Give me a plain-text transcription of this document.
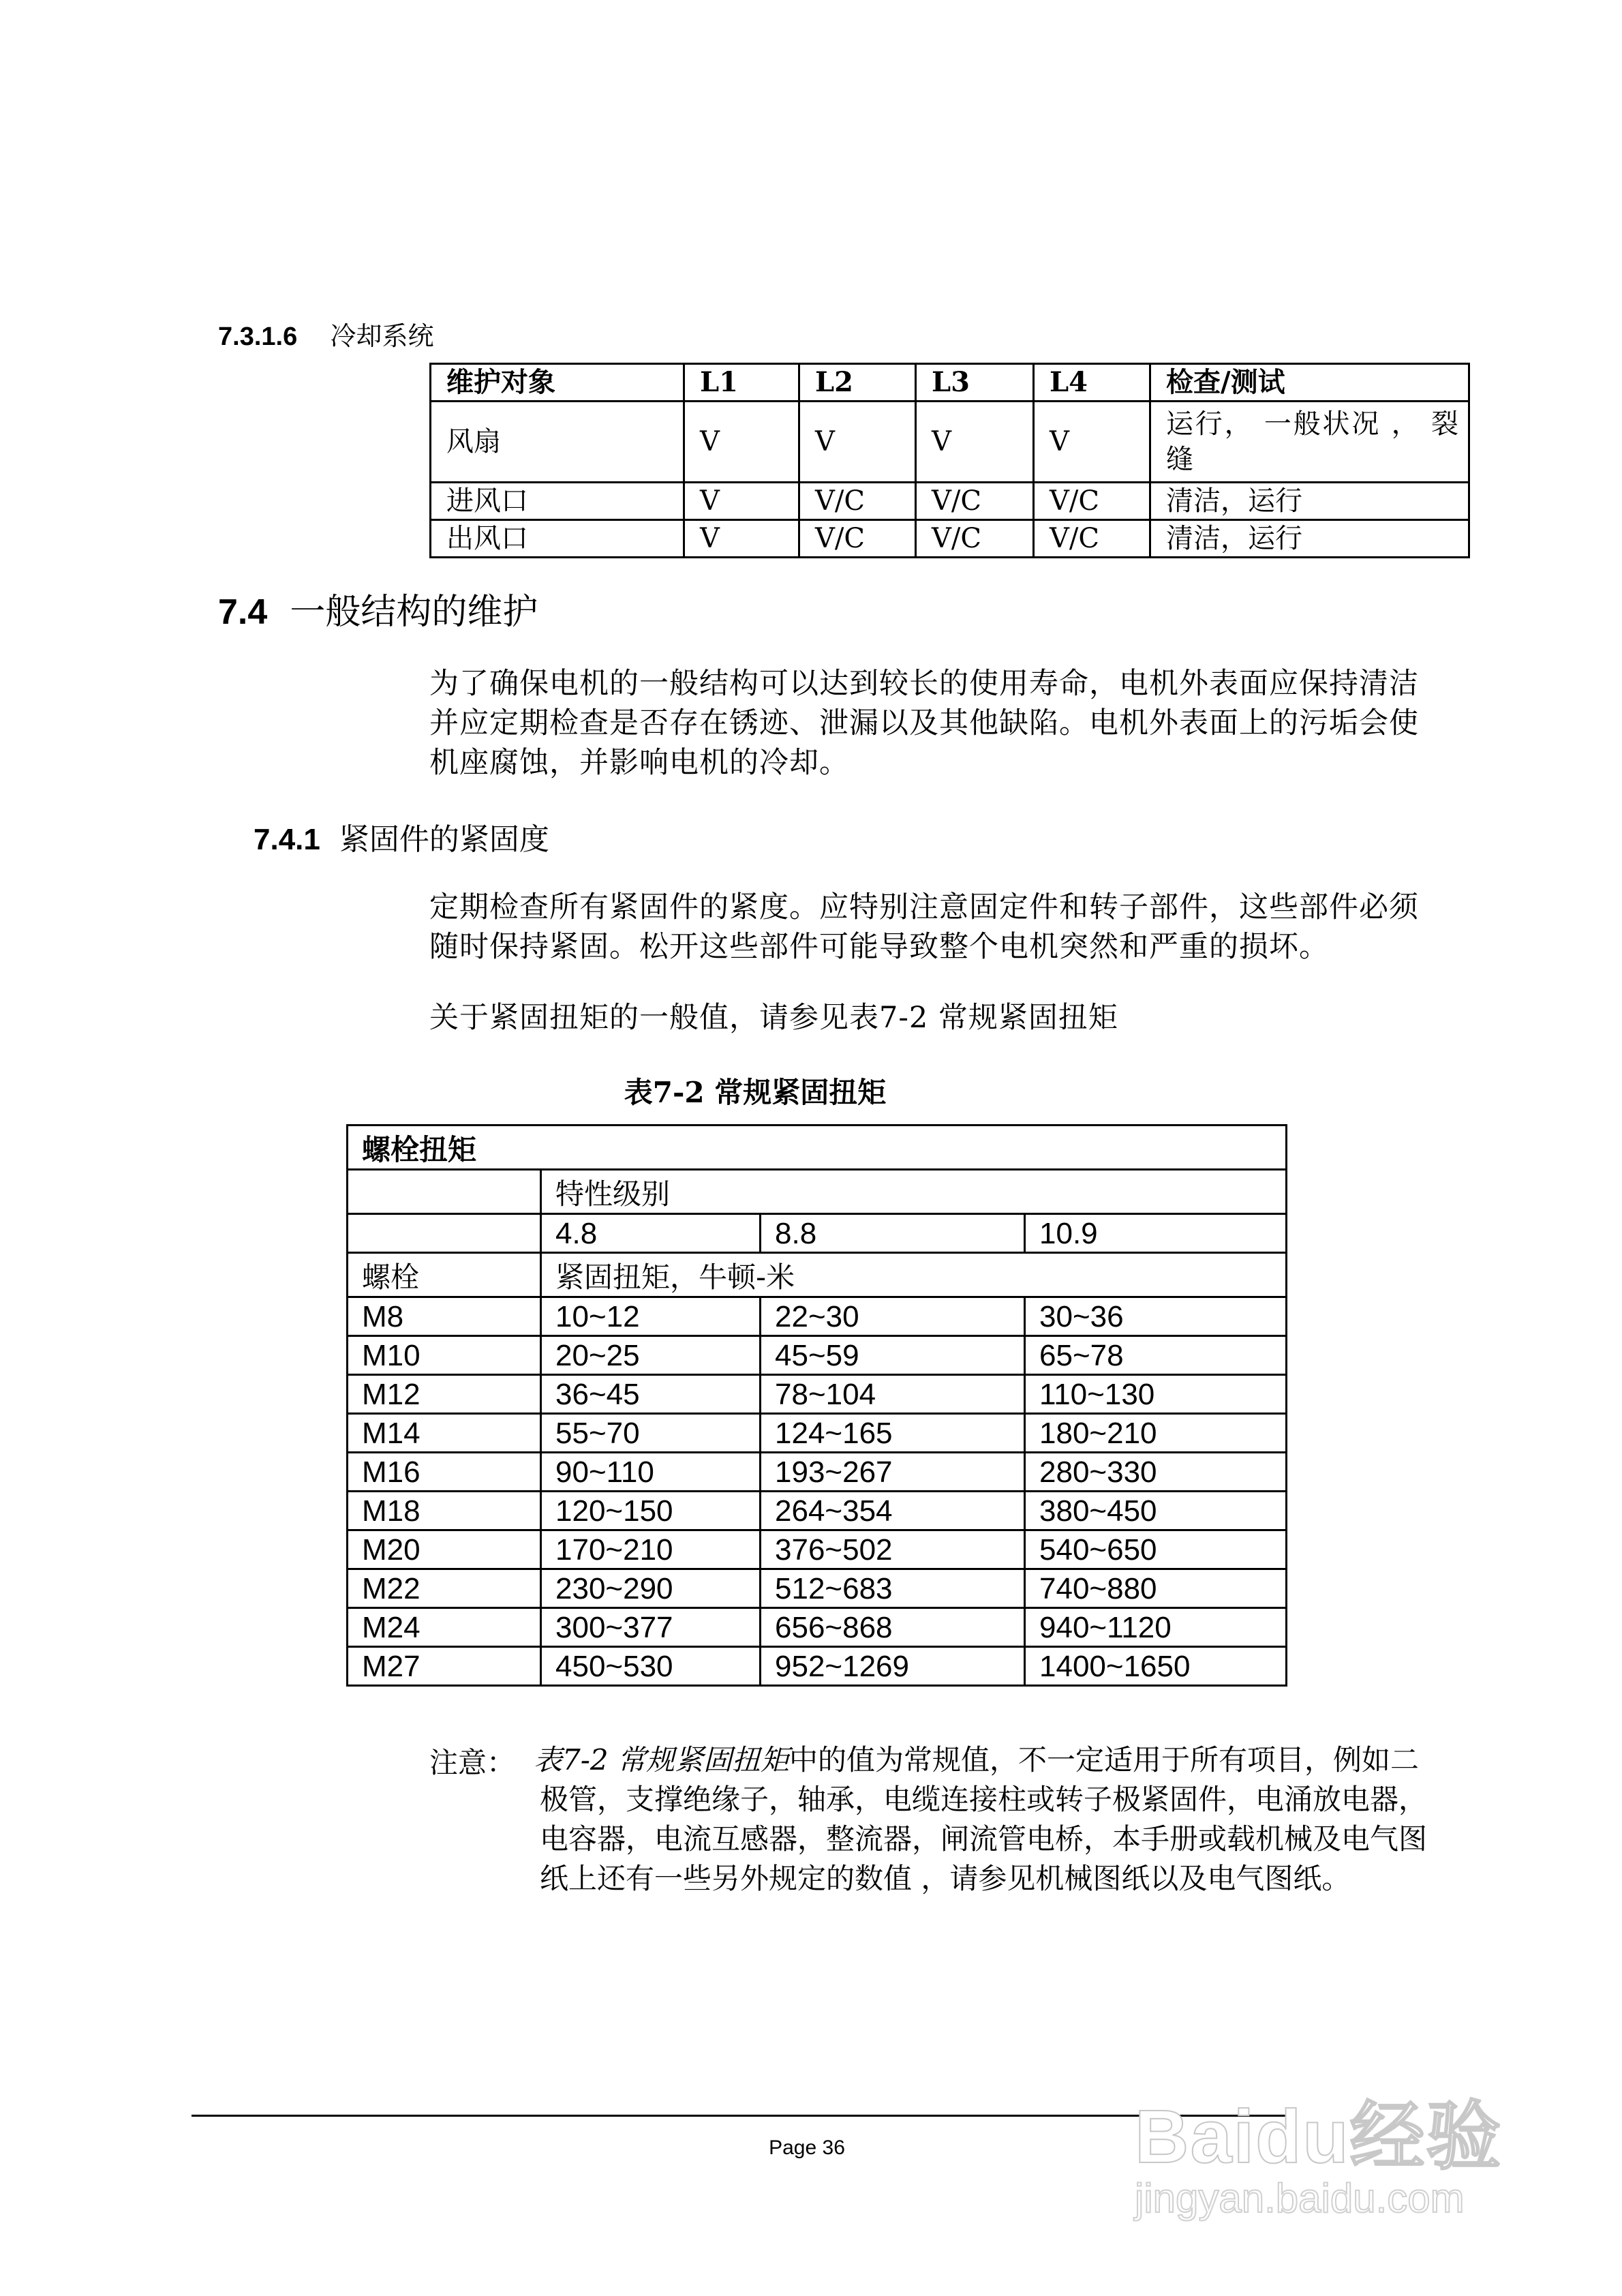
7.3.1.6 冷却系统
维护对象	L1	L2	L3	L4	检查/测试
风扇	V	V	V	V	运行， 一般状况 ， 裂缝
进风口	V	V/C	V/C	V/C	清洁，运行
出风口	V	V/C	V/C	V/C	清洁，运行
7.4 一般结构的维护
为了确保电机的一般结构可以达到较长的使用寿命，电机外表面应保持清洁并应定期检查是否存在锈迹、泄漏以及其他缺陷。电机外表面上的污垢会使机座腐蚀，并影响电机的冷却。
7.4.1 紧固件的紧固度
定期检查所有紧固件的紧度。应特别注意固定件和转子部件，这些部件必须随时保持紧固。松开这些部件可能导致整个电机突然和严重的损坏。
关于紧固扭矩的一般值，请参见表7-2 常规紧固扭矩
表7-2 常规紧固扭矩
螺栓扭矩			
	特性级别		
	4.8	8.8	10.9
螺栓	紧固扭矩，牛顿-米		
M8	10~12	22~30	30~36
M10	20~25	45~59	65~78
M12	36~45	78~104	110~130
M14	55~70	124~165	180~210
M16	90~110	193~267	280~330
M18	120~150	264~354	380~450
M20	170~210	376~502	540~650
M22	230~290	512~683	740~880
M24	300~377	656~868	940~1120
M27	450~530	952~1269	1400~1650
注意： 表7-2 常规紧固扭矩中的值为常规值，不一定适用于所有项目，例如二极管，支撑绝缘子，轴承，电缆连接柱或转子极紧固件，电涌放电器，电容器，电流互感器，整流器，闸流管电桥，本手册或载机械及电气图纸上还有一些另外规定的数值 ，请参见机械图纸以及电气图纸。
Page 36	Baidu经验
jingyan.baidu.com
